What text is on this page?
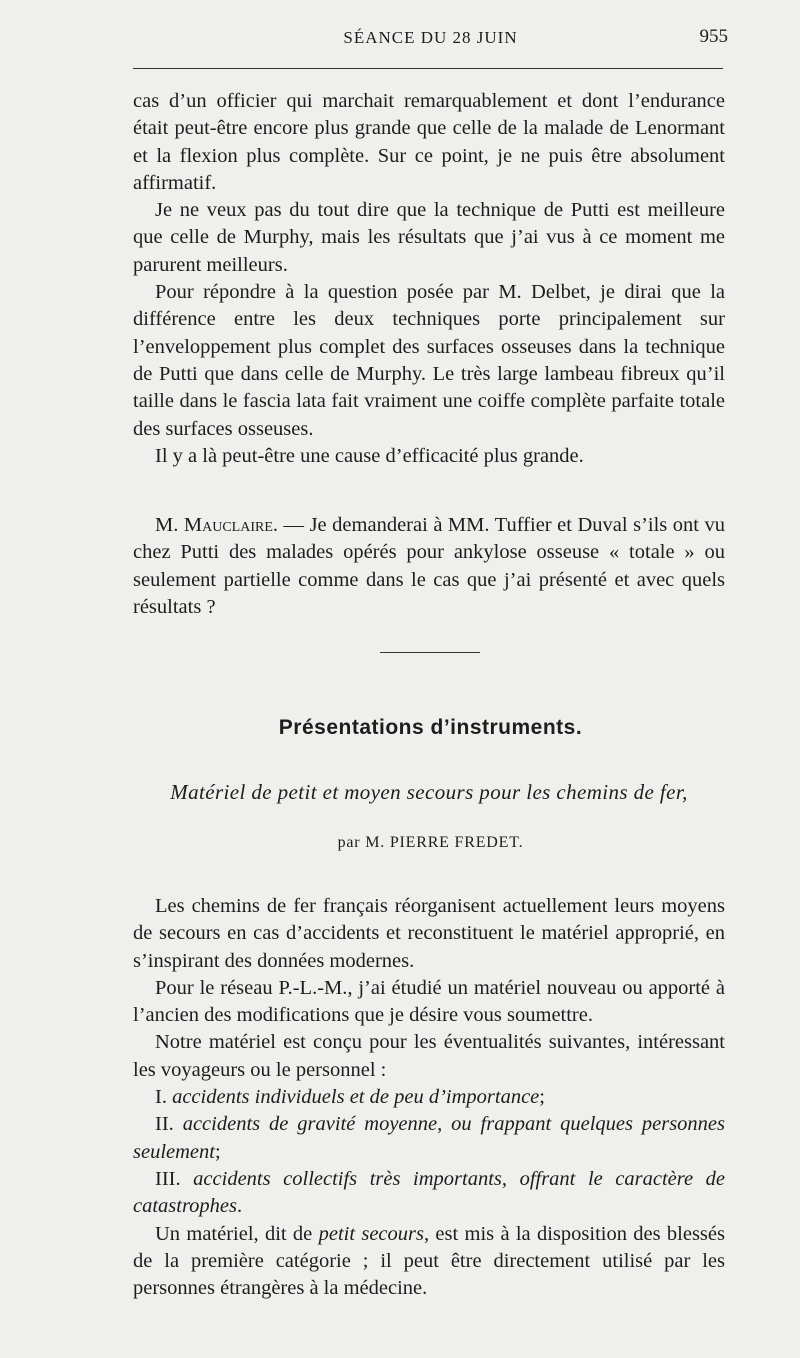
SÉANCE DU 28 JUIN	955

cas d’un officier qui marchait remarquablement et dont l’endurance était peut-être encore plus grande que celle de la malade de Lenormant et la flexion plus complète. Sur ce point, je ne puis être absolument affirmatif.

Je ne veux pas du tout dire que la technique de Putti est meilleure que celle de Murphy, mais les résultats que j’ai vus à ce moment me parurent meilleurs.

Pour répondre à la question posée par M. Delbet, je dirai que la différence entre les deux techniques porte principalement sur l’enveloppement plus complet des surfaces osseuses dans la technique de Putti que dans celle de Murphy. Le très large lambeau fibreux qu’il taille dans le fascia lata fait vraiment une coiffe complète parfaite totale des surfaces osseuses.

Il y a là peut-être une cause d’efficacité plus grande.

M. Mauclaire. — Je demanderai à MM. Tuffier et Duval s’ils ont vu chez Putti des malades opérés pour ankylose osseuse « totale » ou seulement partielle comme dans le cas que j’ai présenté et avec quels résultats ?

Présentations d’instruments.
Matériel de petit et moyen secours pour les chemins de fer,
par M. PIERRE FREDET.

Les chemins de fer français réorganisent actuellement leurs moyens de secours en cas d’accidents et reconstituent le matériel approprié, en s’inspirant des données modernes.

Pour le réseau P.-L.-M., j’ai étudié un matériel nouveau ou apporté à l’ancien des modifications que je désire vous soumettre.

Notre matériel est conçu pour les éventualités suivantes, intéressant les voyageurs ou le personnel :

I. accidents individuels et de peu d’importance;

II. accidents de gravité moyenne, ou frappant quelques personnes seulement;

III. accidents collectifs très importants, offrant le caractère de catastrophes.

Un matériel, dit de petit secours, est mis à la disposition des blessés de la première catégorie ; il peut être directement utilisé par les personnes étrangères à la médecine.
